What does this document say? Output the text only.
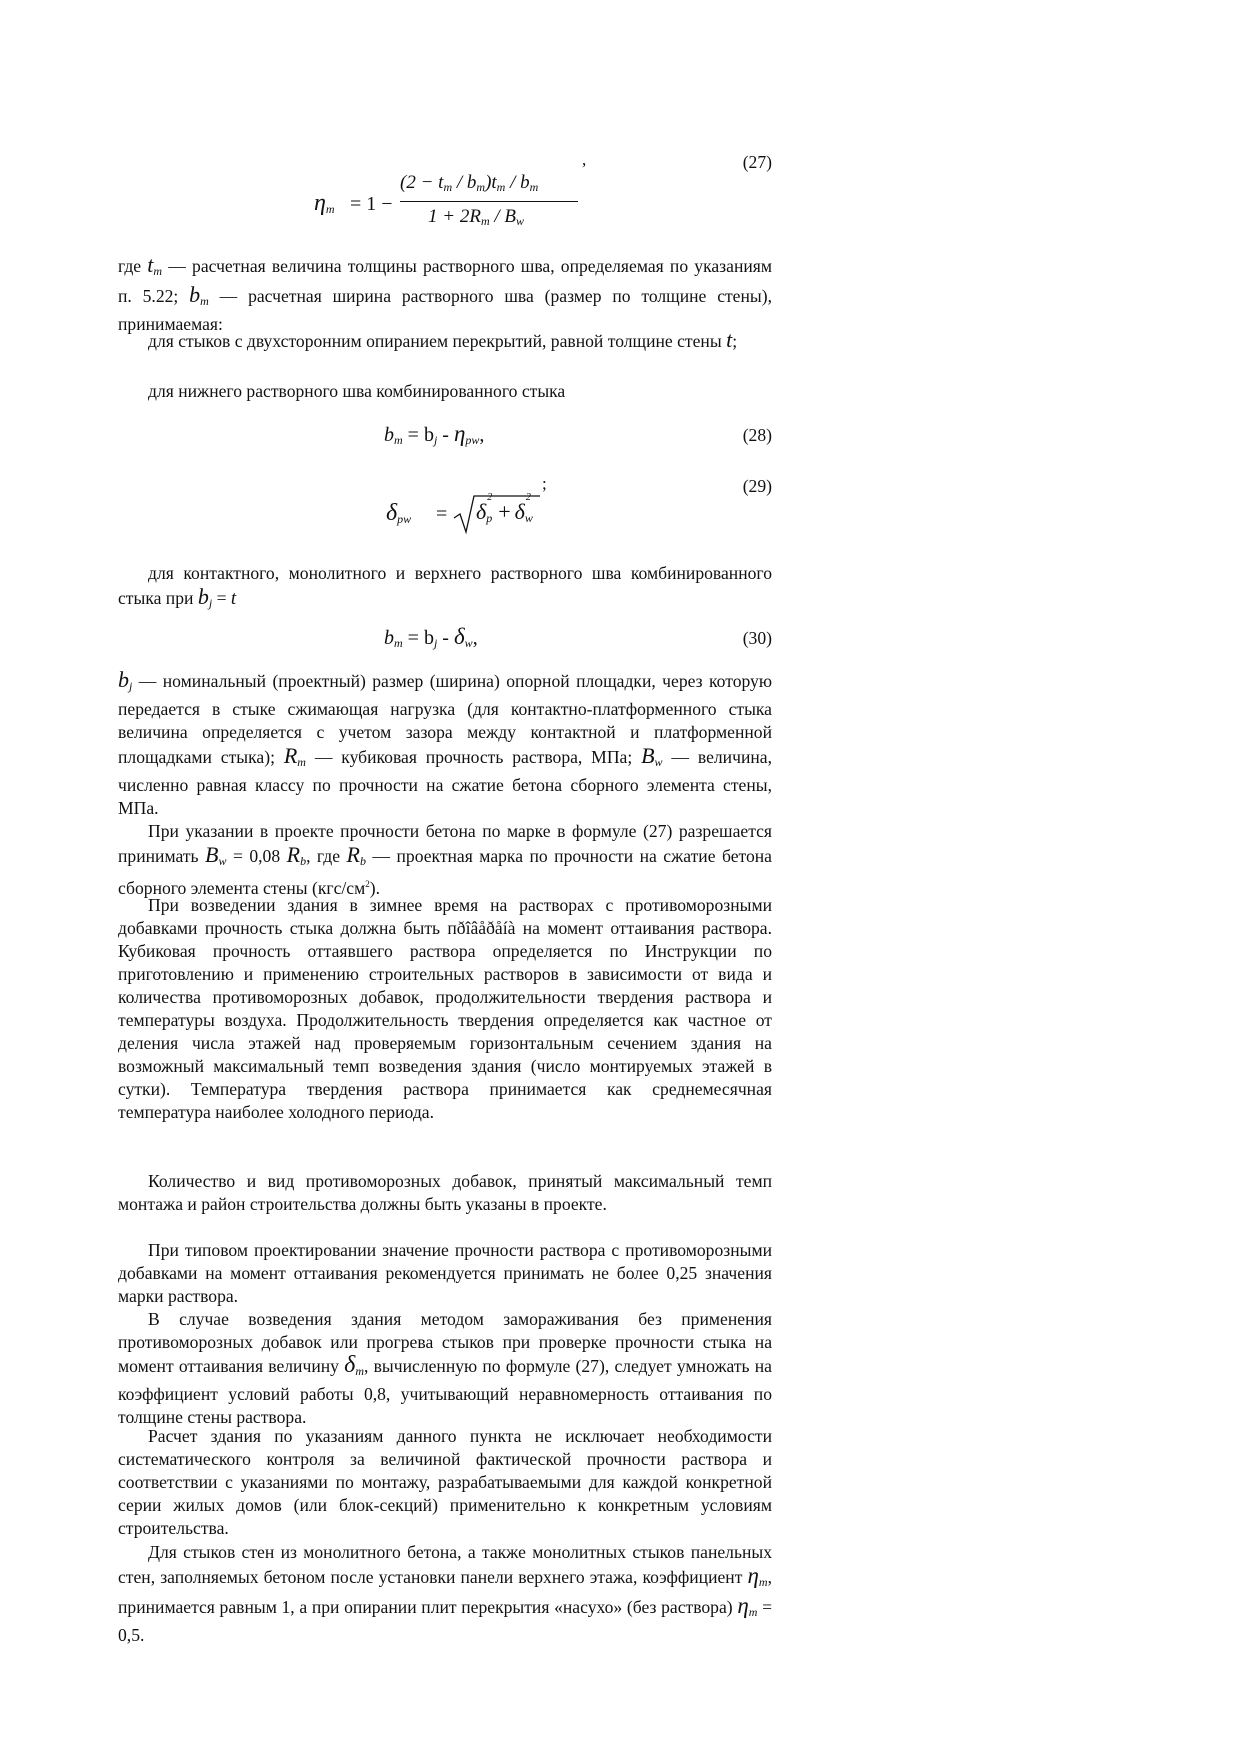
,	(27)
$\eta_m = 1$ −
$(2 - t_m / b_m)t_m / b_m$
$1 + 2R_m / B_w$

где $t_m$ — расчетная величина толщины растворного шва, определяемая по указаниям п. 5.22; $b_m$ — расчетная ширина растворного шва (размер по толщине стены), принимаемая:

для стыков с двухсторонним опиранием перекрытий, равной толщине стены t;

для нижнего растворного шва комбинированного стыка

$b_m = b_j - \eta_{pw}$,	(28)
;	(29)
$\delta_{pw} = \delta$
2
$_p$ + δ
2
$_w$

для контактного, монолитного и верхнего растворного шва комбинированного стыка при $b_j = t$

$b_m = b_j - \delta_w$,	(30)

$b_j$ — номинальный (проектный) размер (ширина) опорной площадки, через которую передается в стыке сжимающая нагрузка (для контактно-платформенного стыка величина определяется с учетом зазора между контактной и платформенной площадками стыка); $R_m$ — кубиковая прочность раствора, МПа; $B_w$ — величина, численно равная классу по прочности на сжатие бетона сборного элемента стены, МПа.

При указании в проекте прочности бетона по марке в формуле (27) разрешается принимать $B_w = 0,08$ $R_b$, где $R_b$ — проектная марка по прочности на сжатие бетона сборного элемента стены $(кгс/см^2)$.

При возведении здания в зимнее время на растворах с противоморозными добавками прочность стыка должна быть пðîâåðåíà на момент оттаивания раствора. Кубиковая прочность оттаявшего раствора определяется по Инструкции по приготовлению и применению строительных растворов в зависимости от вида и количества противоморозных добавок, продолжительности твердения раствора и температуры воздуха. Продолжительность твердения определяется как частное от деления числа этажей над проверяемым горизонтальным сечением здания на возможный максимальный темп возведения здания (число монтируемых этажей в сутки). Температура твердения раствора принимается как среднемесячная температура наиболее холодного периода.

Количество и вид противоморозных добавок, принятый максимальный темп монтажа и район строительства должны быть указаны в проекте.

При типовом проектировании значение прочности раствора с противоморозными добавками на момент оттаивания рекомендуется принимать не более 0,25 значения марки раствора.

В случае возведения здания методом замораживания без применения противоморозных добавок или прогрева стыков при проверке прочности стыка на момент оттаивания величину $\delta_m$, вычисленную по формуле (27), следует умножать на коэффициент условий работы 0,8, учитывающий неравномерность оттаивания по толщине стены раствора.

Расчет здания по указаниям данного пункта не исключает необходимости систематического контроля за величиной фактической прочности раствора и соответствии с указаниями по монтажу, разрабатываемыми для каждой конкретной серии жилых домов (или блок-секций) применительно к конкретным условиям строительства.

Для стыков стен из монолитного бетона, а также монолитных стыков панельных стен, заполняемых бетоном после установки панели верхнего этажа, коэффициент $\eta_m$, принимается равным 1, а при опирании плит перекрытия «насухо» (без раствора) $\eta_m = 0,5$.
